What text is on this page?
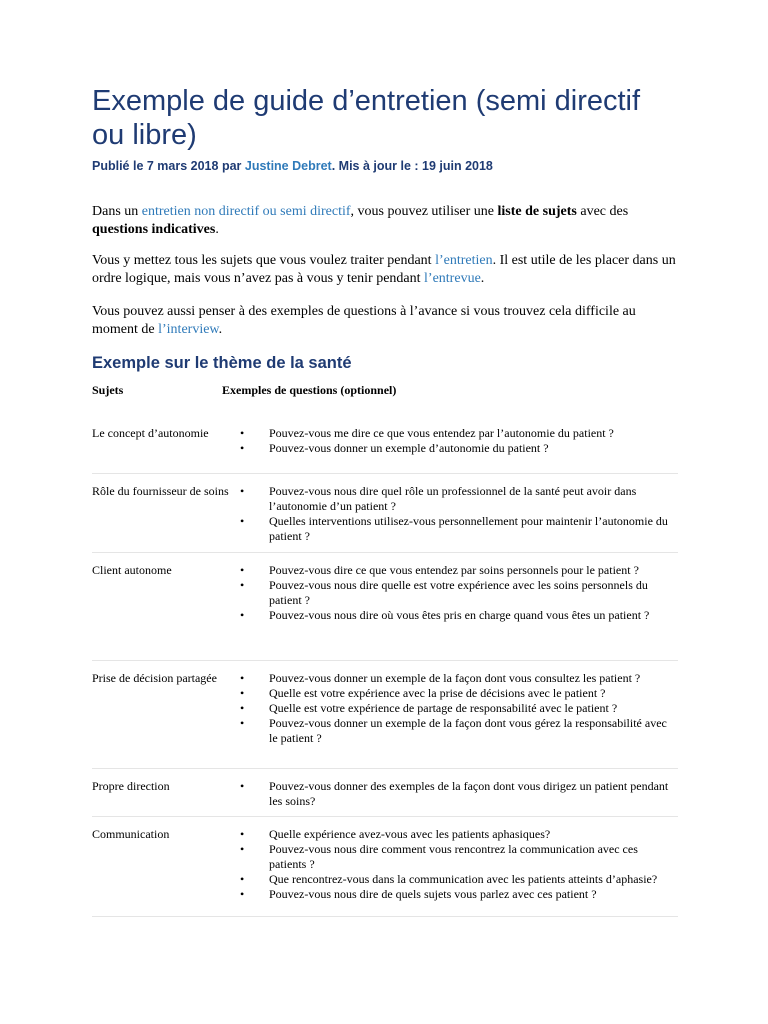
Exemple de guide d’entretien (semi directif ou libre)
Publié le 7 mars 2018 par Justine Debret. Mis à jour le : 19 juin 2018

Dans un entretien non directif ou semi directif, vous pouvez utiliser une liste de sujets avec des questions indicatives.

Vous y mettez tous les sujets que vous voulez traiter pendant l’entretien. Il est utile de les placer dans un ordre logique, mais vous n’avez pas à vous y tenir pendant l’entrevue.

Vous pouvez aussi penser à des exemples de questions à l’avance si vous trouvez cela difficile au moment de l’interview.

Exemple sur le thème de la santé
Sujets	Exemples de questions (optionnel)
Le concept d’autonomie	• Pouvez-vous me dire ce que vous entendez par l’autonomie du patient ?
• Pouvez-vous donner un exemple d’autonomie du patient ?
Rôle du fournisseur de soins • Pouvez-vous nous dire quel rôle un professionnel de la santé peut avoir dans l’autonomie d’un patient ?
• Quelles interventions utilisez-vous personnellement pour maintenir l’autonomie du patient ?
Client autonome	• Pouvez-vous dire ce que vous entendez par soins personnels pour le patient ?
• Pouvez-vous nous dire quelle est votre expérience avec les soins personnels du patient ?
• Pouvez-vous nous dire où vous êtes pris en charge quand vous êtes un patient ?
Prise de décision partagée	• Pouvez-vous donner un exemple de la façon dont vous consultez les patient ?
• Quelle est votre expérience avec la prise de décisions avec le patient ?
• Quelle est votre expérience de partage de responsabilité avec le patient ?
• Pouvez-vous donner un exemple de la façon dont vous gérez la responsabilité avec le patient ?
Propre direction	• Pouvez-vous donner des exemples de la façon dont vous dirigez un patient pendant les soins?
Communication	• Quelle expérience avez-vous avec les patients aphasiques?
• Pouvez-vous nous dire comment vous rencontrez la communication avec ces patients ?
• Que rencontrez-vous dans la communication avec les patients atteints d’aphasie?
• Pouvez-vous nous dire de quels sujets vous parlez avec ces patient ?
